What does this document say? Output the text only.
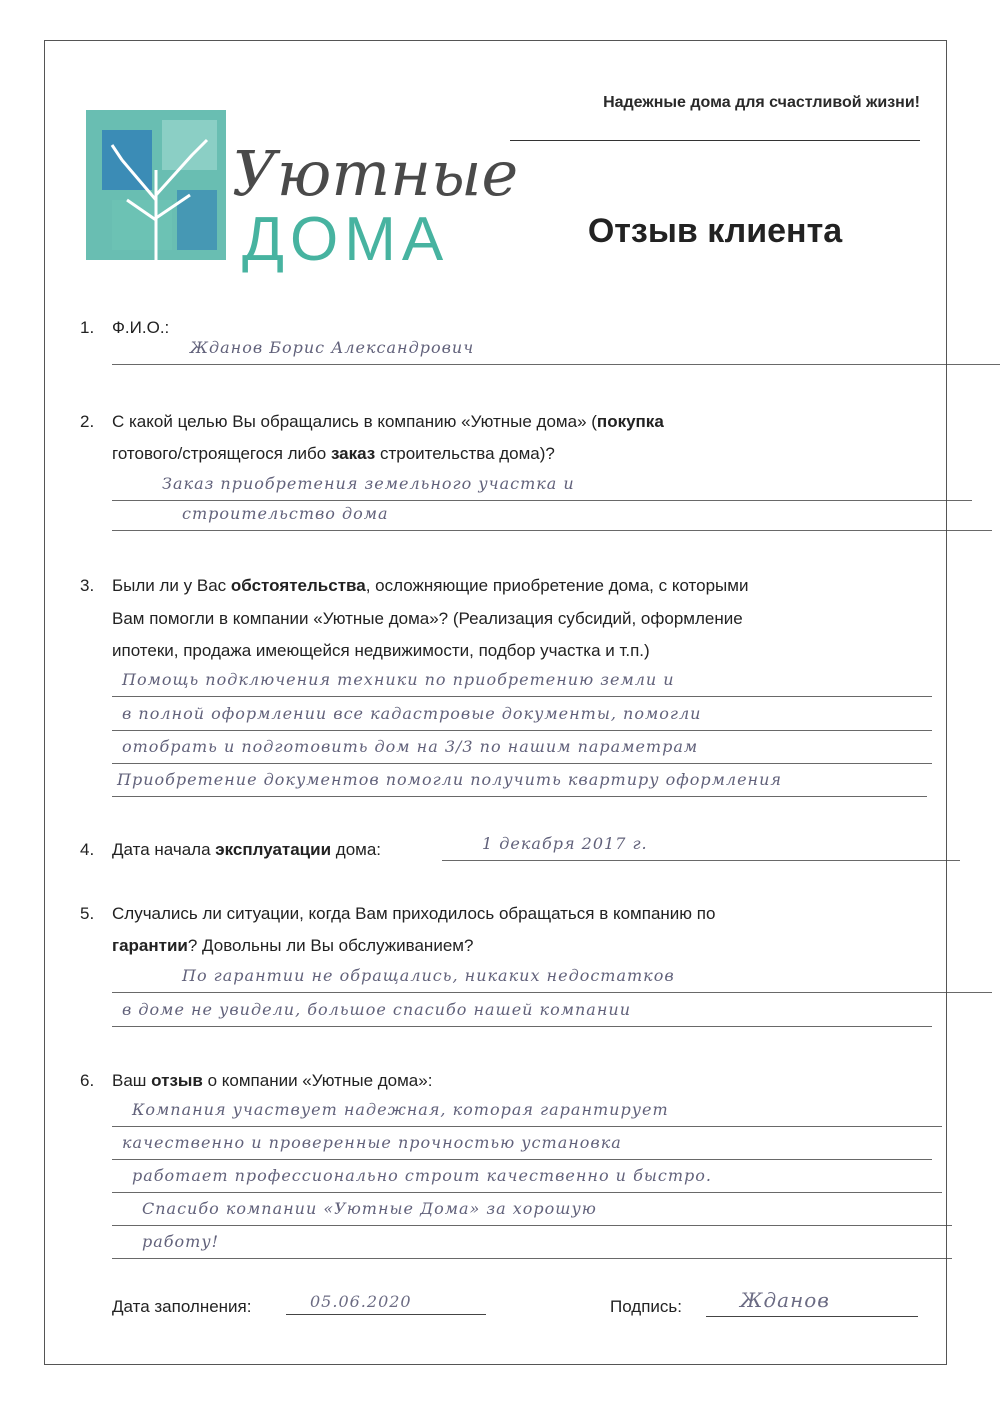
Уютные
ДОМА
Надежные дома для счастливой жизни!
Отзыв клиента
1. Ф.И.О.:
Жданов Борис Александрович
2. С какой целью Вы обращались в компанию «Уютные дома» (покупка
готового/строящегося либо заказ строительства дома)?
Заказ приобретения земельного участка и
строительство дома
3. Были ли у Вас обстоятельства, осложняющие приобретение дома, с которыми
Вам помогли в компании «Уютные дома»? (Реализация субсидий, оформление
ипотеки, продажа имеющейся недвижимости, подбор участка и т.п.)
Помощь подключения техники по приобретению земли и
в полной оформлении все кадастровые документы, помогли
отобрать и подготовить дом на 3/3 по нашим параметрам
Приобретение документов помогли получить квартиру оформления
4. Дата начала эксплуатации дома:	1 декабря 2017 г.
5. Случались ли ситуации, когда Вам приходилось обращаться в компанию по
гарантии? Довольны ли Вы обслуживанием?
По гарантии не обращались, никаких недостатков
в доме не увидели, большое спасибо нашей компании
6. Ваш отзыв о компании «Уютные дома»:
Компания участвует надежная, которая гарантирует
качественно и проверенные прочностью установка
работает профессионально строит качественно и быстро.
Спасибо компании «Уютные Дома» за хорошую
работу!
Дата заполнения:	05.06.2020	Подпись:	Жданов
